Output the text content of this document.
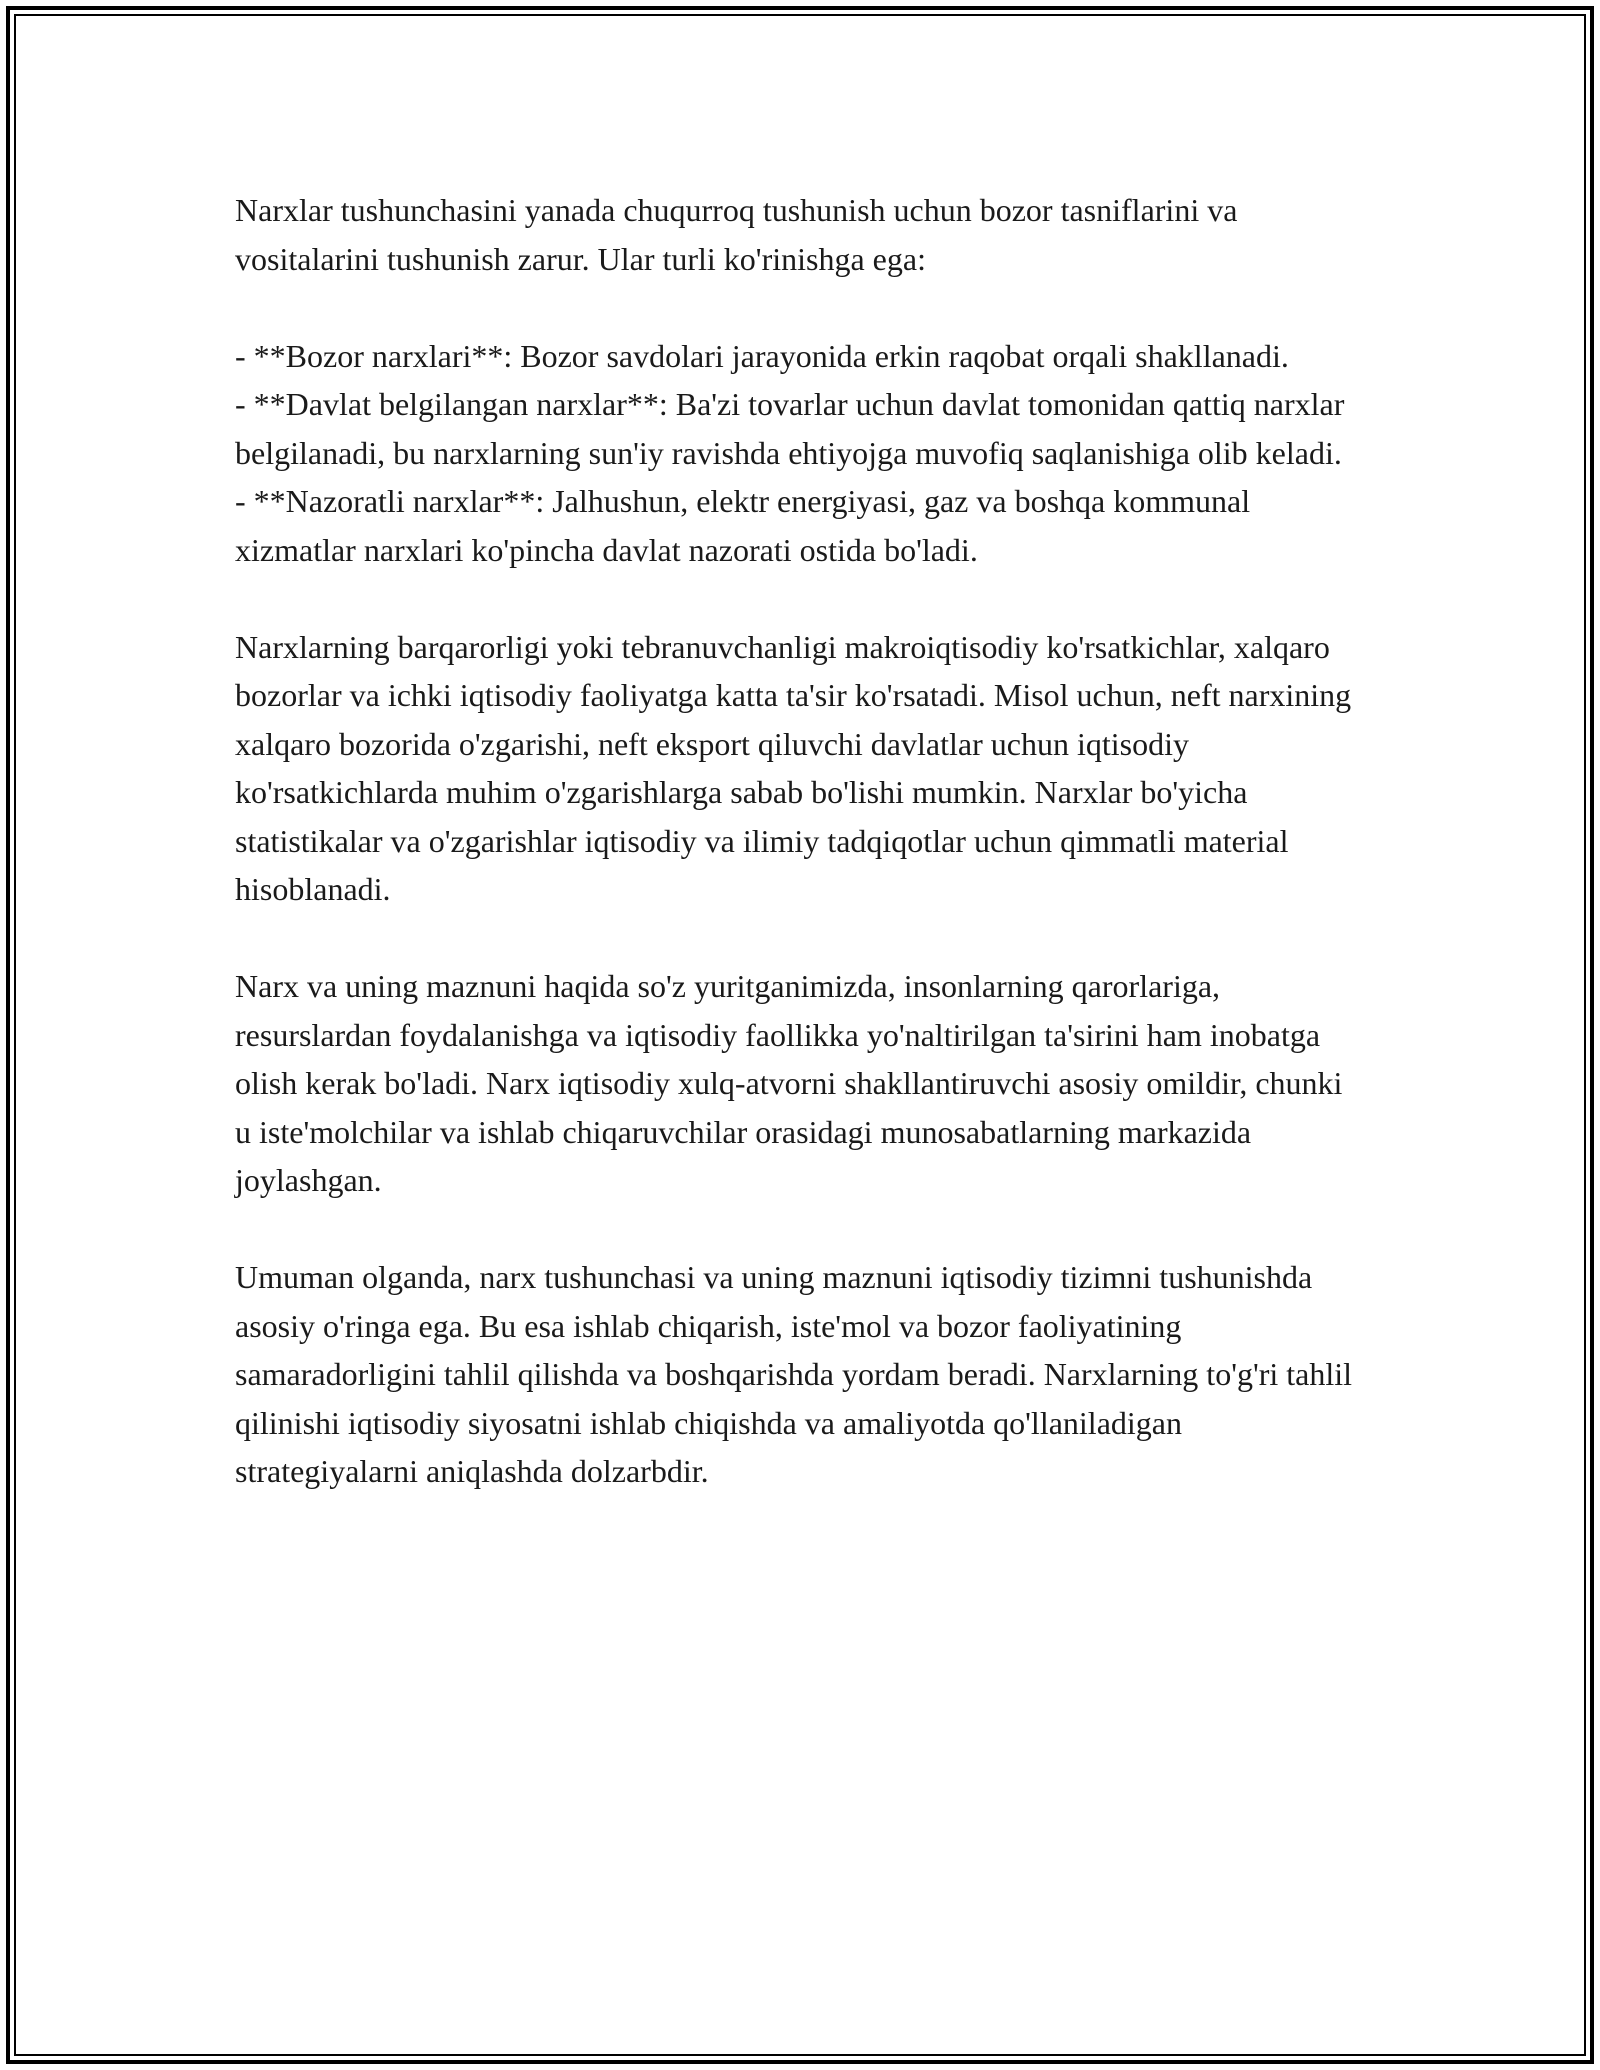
Narxlar tushunchasini yanada chuqurroq tushunish uchun bozor tasniflarini va vositalarini tushunish zarur. Ular turli ko'rinishga ega:

- **Bozor narxlari**: Bozor savdolari jarayonida erkin raqobat orqali shakllanadi.

- **Davlat belgilangan narxlar**: Ba'zi tovarlar uchun davlat tomonidan qattiq narxlar belgilanadi, bu narxlarning sun'iy ravishda ehtiyojga muvofiq saqlanishiga olib keladi.

- **Nazoratli narxlar**: Jalhushun, elektr energiyasi, gaz va boshqa kommunal xizmatlar narxlari ko'pincha davlat nazorati ostida bo'ladi.

Narxlarning barqarorligi yoki tebranuvchanligi makroiqtisodiy ko'rsatkichlar, xalqaro bozorlar va ichki iqtisodiy faoliyatga katta ta'sir ko'rsatadi. Misol uchun, neft narxining xalqaro bozorida o'zgarishi, neft eksport qiluvchi davlatlar uchun iqtisodiy ko'rsatkichlarda muhim o'zgarishlarga sabab bo'lishi mumkin. Narxlar bo'yicha statistikalar va o'zgarishlar iqtisodiy va ilimiy tadqiqotlar uchun qimmatli material hisoblanadi.

Narx va uning maznuni haqida so'z yuritganimizda, insonlarning qarorlariga, resurslardan foydalanishga va iqtisodiy faollikka yo'naltirilgan ta'sirini ham inobatga olish kerak bo'ladi. Narx iqtisodiy xulq-atvorni shakllantiruvchi asosiy omildir, chunki u iste'molchilar va ishlab chiqaruvchilar orasidagi munosabatlarning markazida joylashgan.

Umuman olganda, narx tushunchasi va uning maznuni iqtisodiy tizimni tushunishda asosiy o'ringa ega. Bu esa ishlab chiqarish, iste'mol va bozor faoliyatining samaradorligini tahlil qilishda va boshqarishda yordam beradi. Narxlarning to'g'ri tahlil qilinishi iqtisodiy siyosatni ishlab chiqishda va amaliyotda qo'llaniladigan strategiyalarni aniqlashda dolzarbdir.
